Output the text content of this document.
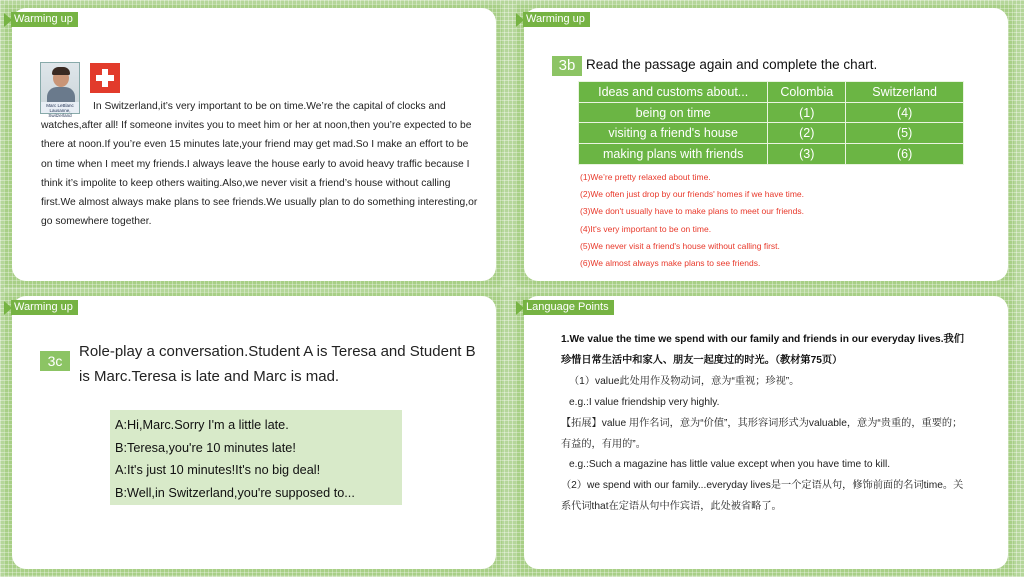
Warming up
Marc LeBlanc
Lausanne, Switzerland

In Switzerland,it’s very important to be on time.We’re the capital of clocks and watches,after all! If someone invites you to meet him or her at noon,then you’re expected to be there at noon.If you’re even 15 minutes late,your friend may get mad.So I make an effort to be on time when I meet my friends.I always leave the house early to avoid heavy traffic because I think it’s impolite to keep others waiting.Also,we never visit a friend’s house without calling first.We almost always make plans to see friends.We usually plan to do something interesting,or go somewhere together.

Warming up
3b Read the passage again and complete the chart.
Ideas and customs about...	Colombia	Switzerland
being on time	(1)	(4)
visiting a friend's house	(2)	(5)
making plans with friends	(3)	(6)
(1)We’re pretty relaxed about time.
(2)We often just drop by our friends' homes if we have time.
(3)We don't usually have to make plans to meet our friends.
(4)It's very important to be on time.
(5)We never visit a friend's house without calling first.
(6)We almost always make plans to see friends.
Warming up
3c
Role-play a conversation.Student A is Teresa and Student B is Marc.Teresa is late and Marc is mad.
A:Hi,Marc.Sorry I'm a little late.
B:Teresa,you're 10 minutes late!
A:It's just 10 minutes!It's no big deal!
B:Well,in Switzerland,you're supposed to...
Language Points
1.We value the time we spend with our family and friends in our everyday lives.我们珍惜日常生活中和家人、朋友一起度过的时光。（教材第75页）
（1）value此处用作及物动词，意为“重视；珍视”。
e.g.:I value friendship very highly.
【拓展】value 用作名词，意为“价值”，其形容词形式为valuable，意为“贵重的，重要的；有益的，有用的”。
e.g.:Such a magazine has little value except when you have time to kill.
（2）we spend with our family...everyday lives是一个定语从句，修饰前面的名词time。关系代词that在定语从句中作宾语，此处被省略了。
